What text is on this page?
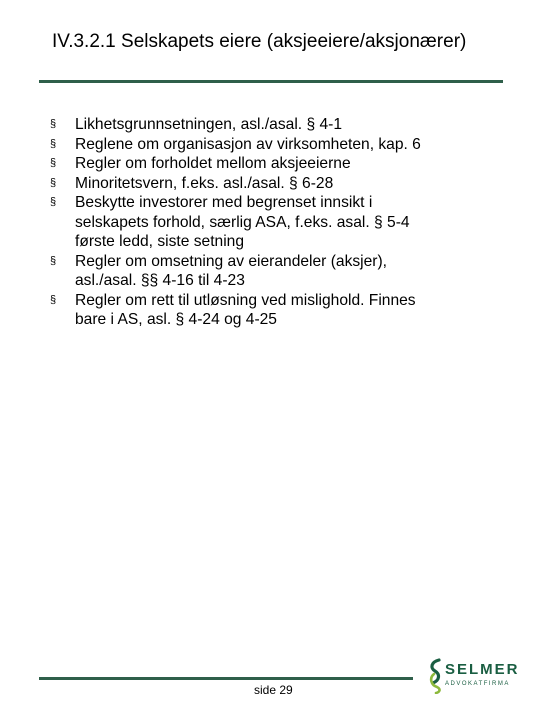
IV.3.2.1 Selskapets eiere (aksjeeiere/aksjonærer)
§ Likhetsgrunnsetningen, asl./asal. § 4-1
§ Reglene om organisasjon av virksomheten, kap. 6
§ Regler om forholdet mellom aksjeeierne
§ Minoritetsvern, f.eks. asl./asal. § 6-28
§ Beskytte investorer med begrenset innsikt i
selskapets forhold, særlig ASA, f.eks. asal. § 5-4
første ledd, siste setning
§ Regler om omsetning av eierandeler (aksjer),
asl./asal. §§ 4-16 til 4-23
§ Regler om rett til utløsning ved mislighold. Finnes
bare i AS, asl. § 4-24 og 4-25
side 29
SELMER
ADVOKATFIRMA
